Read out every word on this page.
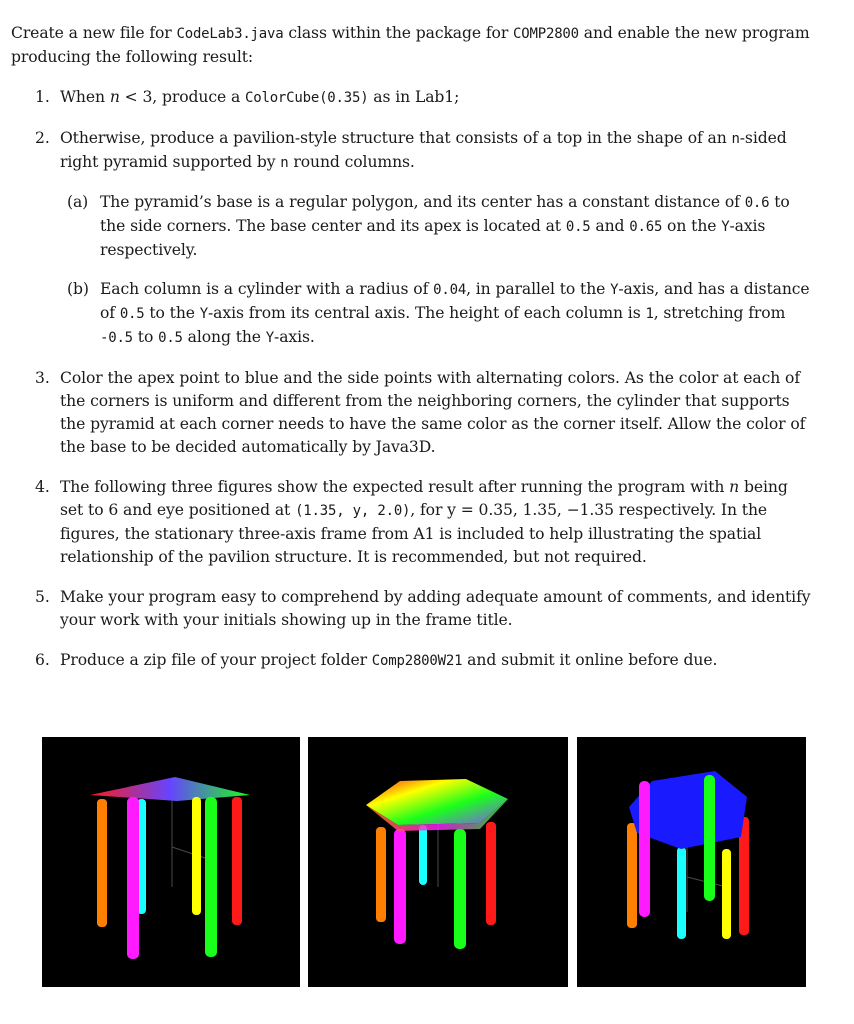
Create a new file for CodeLab3.java class within the package for COMP2800 and enable the new program producing the following result:

1. When n < 3, produce a ColorCube(0.35) as in Lab1;
2. Otherwise, produce a pavilion-style structure that consists of a top in the shape of an n-sided right pyramid supported by n round columns.
(a) The pyramid’s base is a regular polygon, and its center has a constant distance of 0.6 to the side corners. The base center and its apex is located at 0.5 and 0.65 on the Y-axis respectively.
(b) Each column is a cylinder with a radius of 0.04, in parallel to the Y-axis, and has a distance of 0.5 to the Y-axis from its central axis. The height of each column is 1, stretching from -0.5 to 0.5 along the Y-axis.
3. Color the apex point to blue and the side points with alternating colors. As the color at each of the corners is uniform and different from the neighboring corners, the cylinder that supports the pyramid at each corner needs to have the same color as the corner itself. Allow the color of the base to be decided automatically by Java3D.
4. The following three figures show the expected result after running the program with n being set to 6 and eye positioned at (1.35, y, 2.0), for y = 0.35, 1.35, −1.35 respectively. In the figures, the stationary three-axis frame from A1 is included to help illustrating the spatial relationship of the pavilion structure. It is recommended, but not required.
5. Make your program easy to comprehend by adding adequate amount of comments, and identify your work with your initials showing up in the frame title.
6. Produce a zip file of your project folder Comp2800W21 and submit it online before due.
